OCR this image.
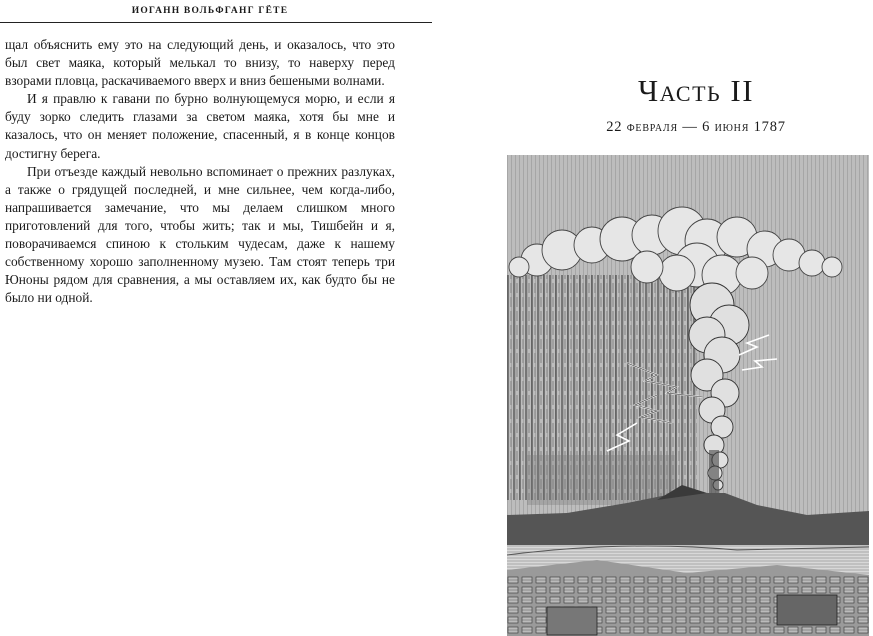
ИОГАНН ВОЛЬФГАНГ ГЁТЕ

щал объяснить ему это на следующий день, и оказалось, что это был свет маяка, который мелькал то внизу, то наверху перед взорами пловца, раскачиваемого вверх и вниз бешеными волнами.

И я правлю к гавани по бурно волнующемуся морю, и если я буду зорко следить глазами за светом маяка, хотя бы мне и казалось, что он меняет положение, спасенный, я в конце концов достигну берега.

При отъезде каждый невольно вспоминает о прежних разлуках, а также о грядущей последней, и мне сильнее, чем когда-либо, напрашивается замечание, что мы делаем слишком много приготовлений для того, чтобы жить; так и мы, Тишбейн и я, поворачиваемся спиною к стольким чудесам, даже к нашему собственному хорошо заполненному музею. Там стоят теперь три Юноны рядом для сравнения, а мы оставляем их, как будто бы не было ни одной.

Часть II
22 февраля — 6 июня 1787
